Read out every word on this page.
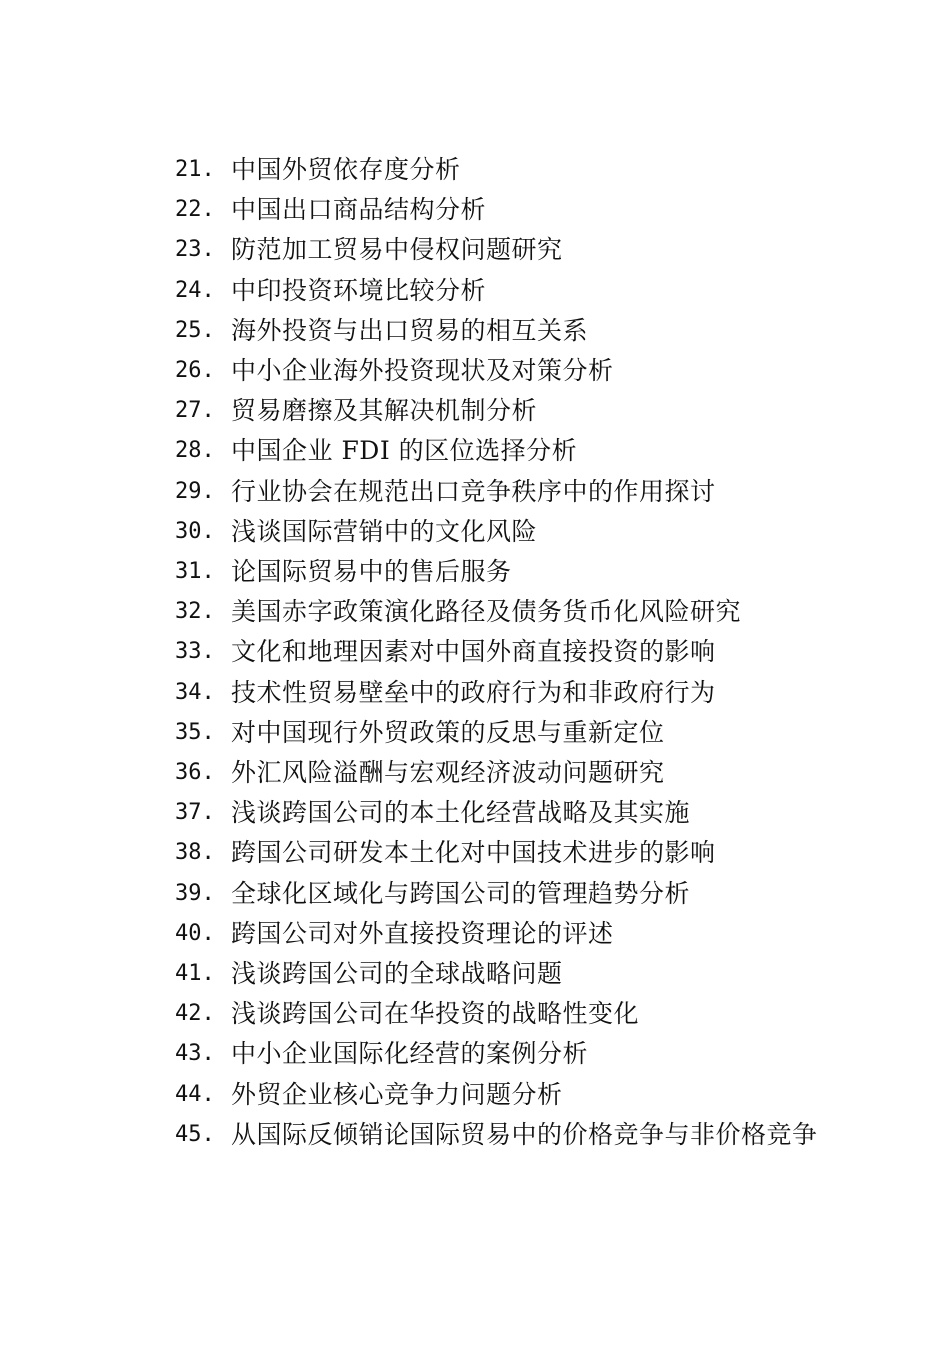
21. 中国外贸依存度分析
22. 中国出口商品结构分析
23. 防范加工贸易中侵权问题研究
24. 中印投资环境比较分析
25. 海外投资与出口贸易的相互关系
26. 中小企业海外投资现状及对策分析
27. 贸易磨擦及其解决机制分析
28. 中国企业 FDI 的区位选择分析
29. 行业协会在规范出口竞争秩序中的作用探讨
30. 浅谈国际营销中的文化风险
31. 论国际贸易中的售后服务
32. 美国赤字政策演化路径及债务货币化风险研究
33. 文化和地理因素对中国外商直接投资的影响
34. 技术性贸易壁垒中的政府行为和非政府行为
35. 对中国现行外贸政策的反思与重新定位
36. 外汇风险溢酬与宏观经济波动问题研究
37. 浅谈跨国公司的本土化经营战略及其实施
38. 跨国公司研发本土化对中国技术进步的影响
39. 全球化区域化与跨国公司的管理趋势分析
40. 跨国公司对外直接投资理论的评述
41. 浅谈跨国公司的全球战略问题
42. 浅谈跨国公司在华投资的战略性变化
43. 中小企业国际化经营的案例分析
44. 外贸企业核心竞争力问题分析
45. 从国际反倾销论国际贸易中的价格竞争与非价格竞争
